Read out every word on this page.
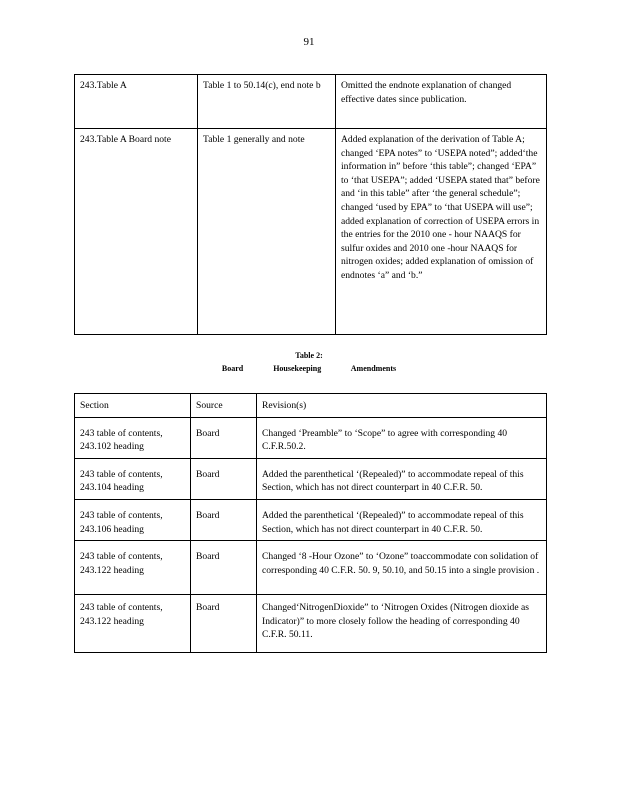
91
243.Table A	Table 1 to 50.14(c), end note b	Omitted the endnote explanation of changed effective dates since publication.
243.Table A Board note	Table 1 generally and note	Added explanation of the derivation of Table A; changed ‘EPA notes” to ‘USEPA noted”; added‘the information in” before ‘this table”; changed ‘EPA” to ‘that USEPA”; added ‘USEPA stated that” before and ‘in this table” after ‘the general schedule”; changed ‘used by EPA” to ‘that USEPA will use”; added explanation of correction of USEPA errors in the entries for the 2010 one - hour NAAQS for sulfur oxides and 2010 one -hour NAAQS for nitrogen oxides; added explanation of omission of endnotes ‘a” and ‘b.”
Table 2:
Board Housekeeping Amendments
Section	Source	Revision(s)
243 table of contents, 243.102 heading	Board	Changed ‘Preamble” to ‘Scope” to agree with corresponding 40 C.F.R.50.2.
243 table of contents, 243.104 heading	Board	Added the parenthetical ‘(Repealed)” to accommodate repeal of this Section, which has not direct counterpart in 40 C.F.R. 50.
243 table of contents, 243.106 heading	Board	Added the parenthetical ‘(Repealed)” to accommodate repeal of this Section, which has not direct counterpart in 40 C.F.R. 50.
243 table of contents, 243.122 heading	Board	Changed ‘8 -Hour Ozone” to ‘Ozone” toaccommodate con solidation of corresponding 40 C.F.R. 50. 9, 50.10, and 50.15 into a single provision .
243 table of contents, 243.122 heading	Board	Changed‘NitrogenDioxide” to ‘Nitrogen Oxides (Nitrogen dioxide as Indicator)” to more closely follow the heading of corresponding 40 C.F.R. 50.11.
